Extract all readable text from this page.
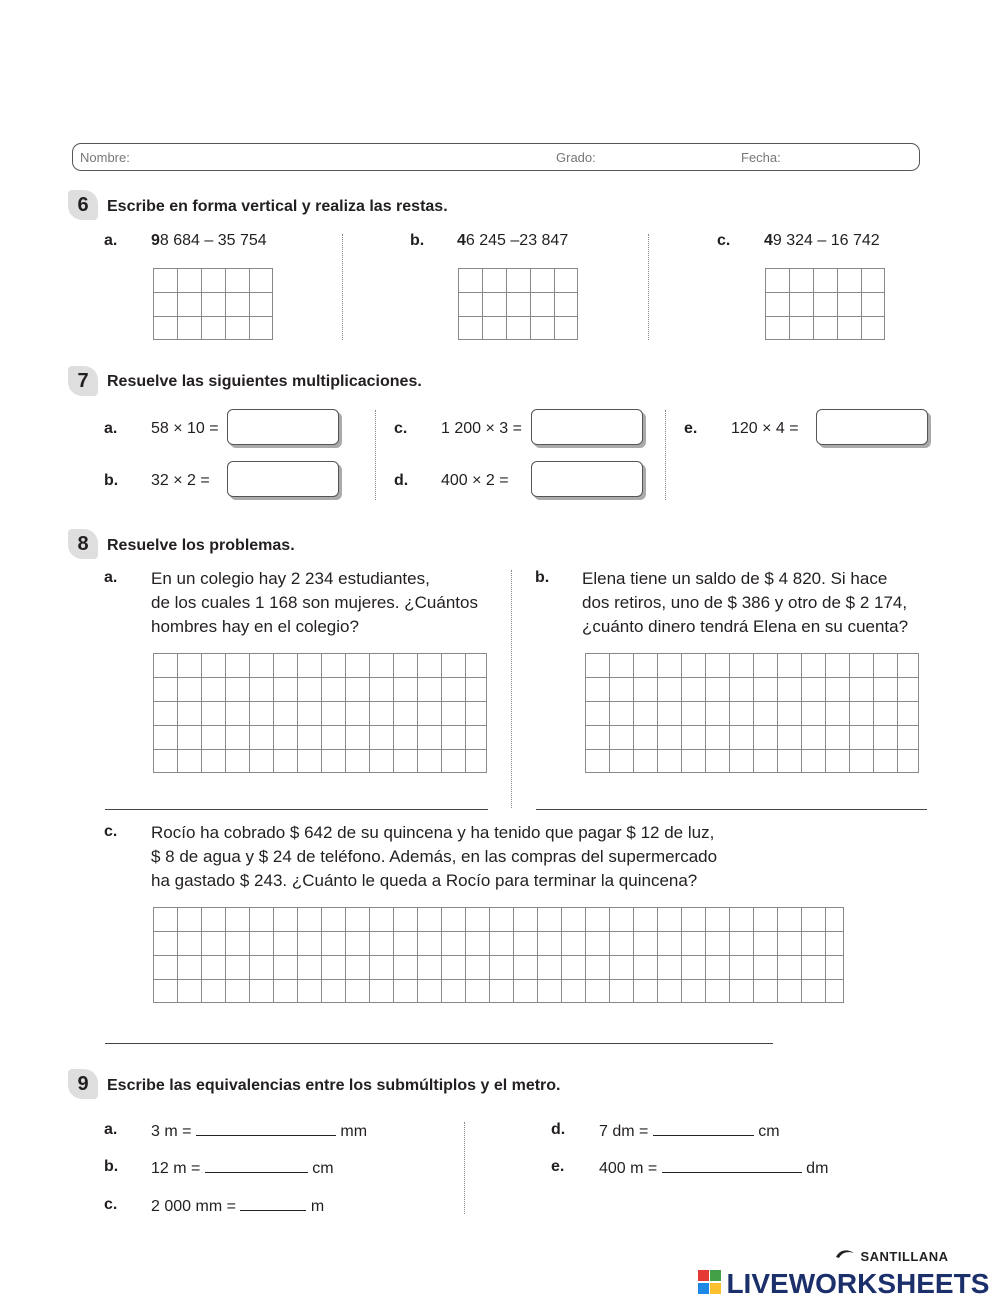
Nombre:	Grado:	Fecha:
6	Escribe en forma vertical y realiza las restas.
a. 98 684 – 35 754	b. 46 245 –23 847	c. 49 324 – 16 742
7	Resuelve las siguientes multiplicaciones.
a. 58 × 10 =
b. 32 × 2 =
c. 1 200 × 3 =
d. 400 × 2 =
e. 120 × 4 =
8	Resuelve los problemas.
a. En un colegio hay 2 234 estudiantes,
de los cuales 1 168 son mujeres. ¿Cuántos
hombres hay en el colegio?
b. Elena tiene un saldo de $ 4 820. Si hace
dos retiros, uno de $ 386 y otro de $ 2 174,
¿cuánto dinero tendrá Elena en su cuenta?
c. Rocío ha cobrado $ 642 de su quincena y ha tenido que pagar $ 12 de luz,
$ 8 de agua y $ 24 de teléfono. Además, en las compras del supermercado
ha gastado $ 243. ¿Cuánto le queda a Rocío para terminar la quincena?
9	Escribe las equivalencias entre los submúltiplos y el metro.
a. 3 m =	mm
b. 12 m =	cm
c. 2 000 mm =	m
d. 7 dm =	cm
e. 400 m =	dm
SANTILLANA
LIVEWORKSHEETS
